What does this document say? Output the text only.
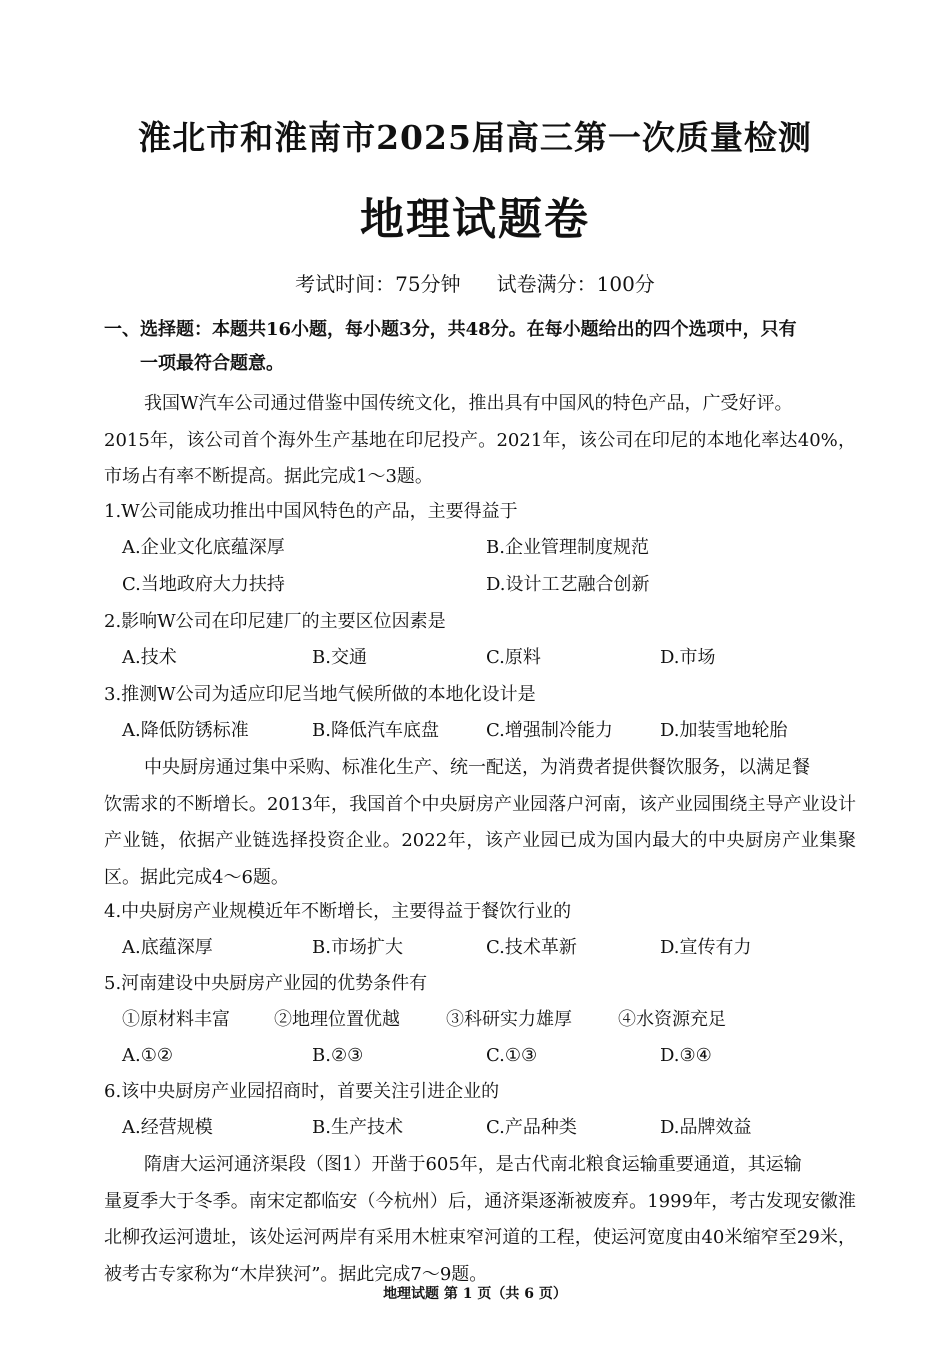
淮北市和淮南市2025届高三第一次质量检测
地理试题卷
考试时间：75分钟 试卷满分：100分
一、选择题：本题共16小题，每小题3分，共48分。在每小题给出的四个选项中，只有
一项最符合题意。
我国W汽车公司通过借鉴中国传统文化，推出具有中国风的特色产品，广受好评。
2015年，该公司首个海外生产基地在印尼投产。2021年，该公司在印尼的本地化率达40%，市场占有率不断提高。据此完成1～3题。
1.W公司能成功推出中国风特色的产品，主要得益于
A.企业文化底蕴深厚	B.企业管理制度规范
C.当地政府大力扶持	D.设计工艺融合创新
2.影响W公司在印尼建厂的主要区位因素是
A.技术	B.交通	C.原料	D.市场
3.推测W公司为适应印尼当地气候所做的本地化设计是
A.降低防锈标准	B.降低汽车底盘	C.增强制冷能力	D.加装雪地轮胎
中央厨房通过集中采购、标准化生产、统一配送，为消费者提供餐饮服务，以满足餐
饮需求的不断增长。2013年，我国首个中央厨房产业园落户河南，该产业园围绕主导产业设计产业链，依据产业链选择投资企业。2022年，该产业园已成为国内最大的中央厨房产业集聚区。据此完成4～6题。
4.中央厨房产业规模近年不断增长，主要得益于餐饮行业的
A.底蕴深厚	B.市场扩大	C.技术革新	D.宣传有力
5.河南建设中央厨房产业园的优势条件有
①原材料丰富 ②地理位置优越	③科研实力雄厚	④水资源充足
A.①②	B.②③	C.①③	D.③④
6.该中央厨房产业园招商时，首要关注引进企业的
A.经营规模	B.生产技术	C.产品种类	D.品牌效益
隋唐大运河通济渠段（图1）开凿于605年，是古代南北粮食运输重要通道，其运输
量夏季大于冬季。南宋定都临安（今杭州）后，通济渠逐渐被废弃。1999年，考古发现安徽淮北柳孜运河遗址，该处运河两岸有采用木桩束窄河道的工程，使运河宽度由40米缩窄至29米，被考古专家称为“木岸狭河”。据此完成7～9题。
地理试题 第 1 页（共 6 页）
